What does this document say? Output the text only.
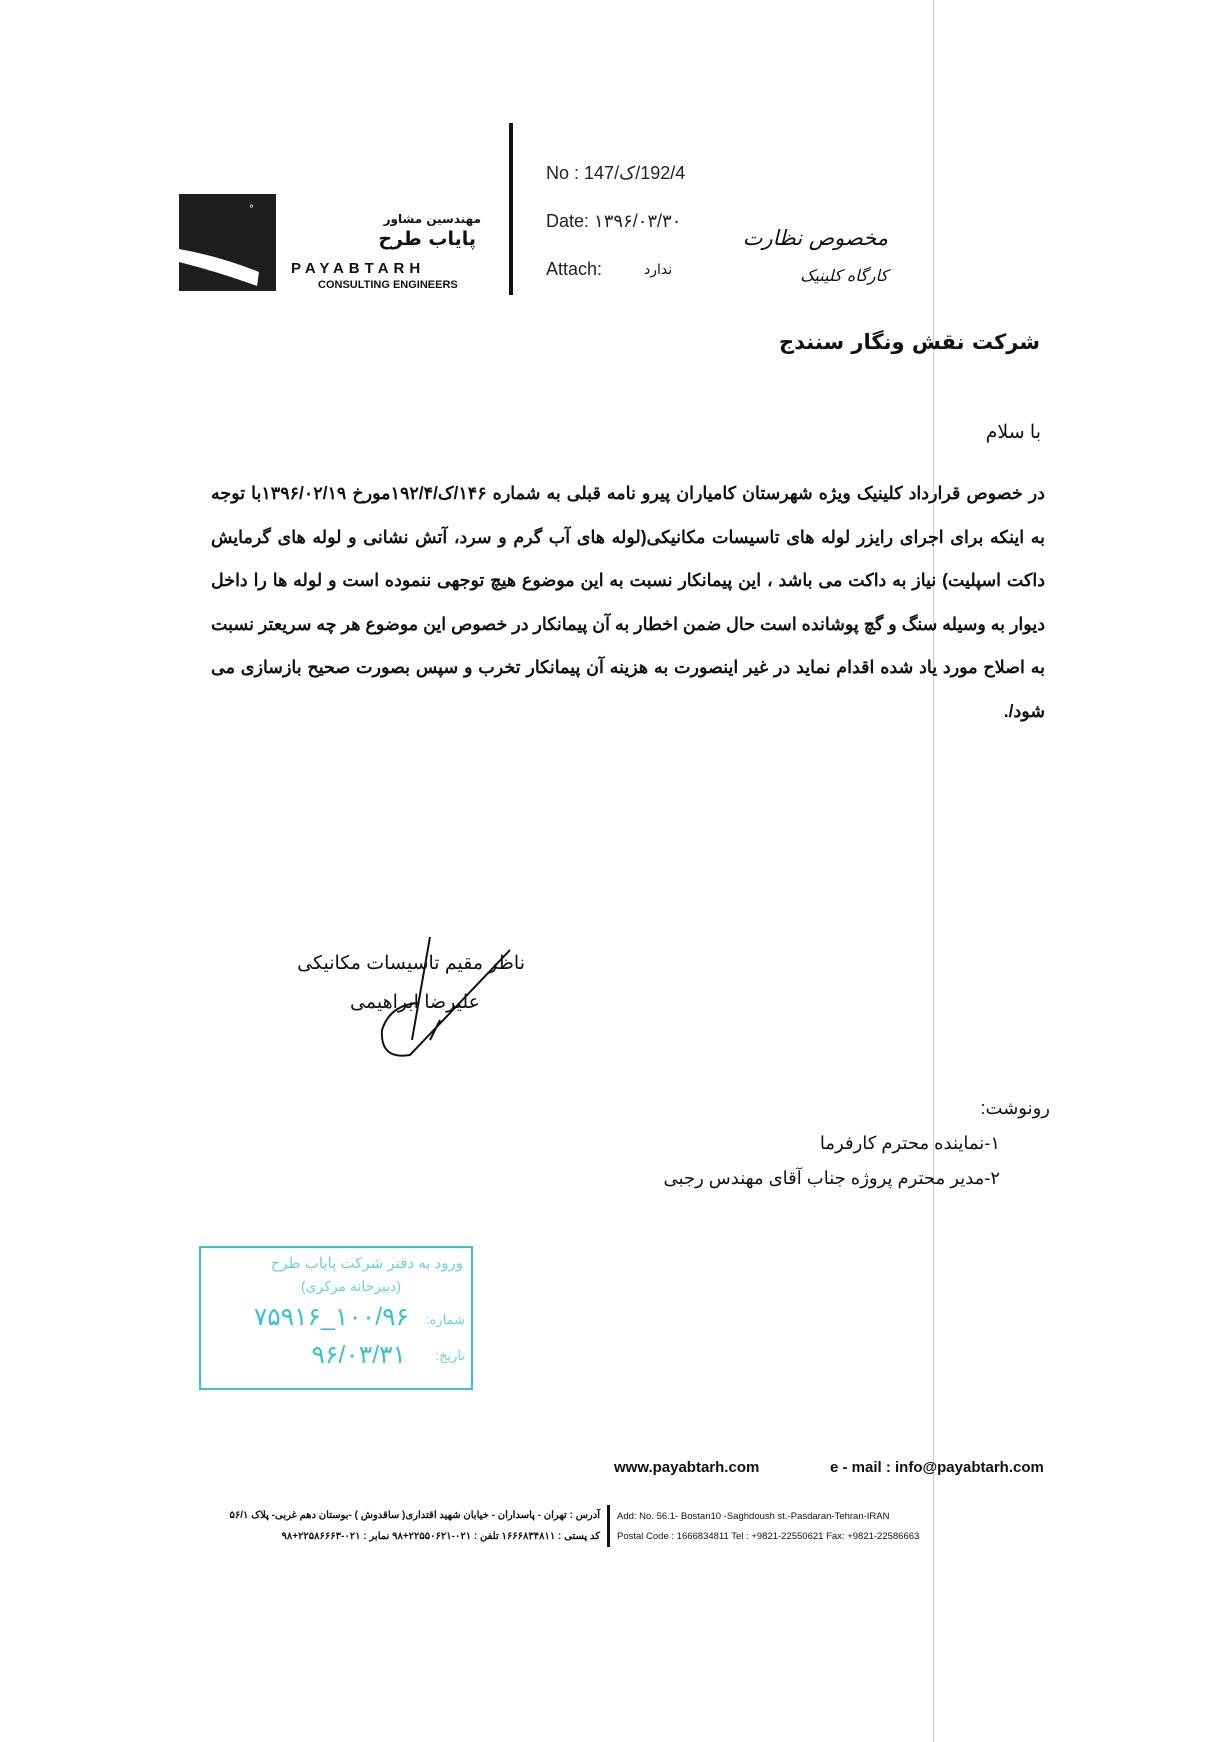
°
مهندسین مشاور
پایاب طرح
PAYABTARH
CONSULTING ENGINEERS
No : 192/4/ک/147
Date: ۱۳۹۶/۰۳/۳۰
Attach:	ندارد
مخصوص نظارت
کارگاه کلینیک
شرکت نقش ونگار سنندج
با سلام
در خصوص قرارداد کلینیک ویژه شهرستان کامیاران پیرو نامه قبلی به شماره ۱۴۶/ک/۱۹۲/۴مورخ ۱۳۹۶/۰۲/۱۹با توجه به اینکه برای اجرای رایزر لوله های تاسیسات مکانیکی(لوله های آب گرم و سرد، آتش نشانی و لوله های گرمایش داکت اسپلیت) نیاز به داکت می باشد ، این پیمانکار نسبت به این موضوع هیچ توجهی ننموده است و لوله ها را داخل دیوار به وسیله سنگ و گچ پوشانده است حال ضمن اخطار به آن پیمانکار در خصوص این موضوع هر چه سریعتر نسبت به اصلاح مورد یاد شده اقدام نماید در غیر اینصورت به هزینه آن پیمانکار تخرب و سپس بصورت صحیح بازسازی می شود/.
ناظر مقیم تاسیسات مکانیکی
علیرضا ابراهیمی
رونوشت:
۱-نماینده محترم کارفرما
۲-مدیر محترم پروژه جناب آقای مهندس رجبی
ورود به دفتر شرکت پایاب طرح
(دبیرخانه مرکزی)
شماره:
۱۰۰/۹۶_۷۵۹۱۶
تاریخ:
۹۶/۰۳/۳۱
www.payabtarh.com	e - mail : info@payabtarh.com
آدرس : تهران - پاسداران - خیابان شهید اقتداری( ساقدوش ) -بوستان دهم غربی- پلاک ۵۶/۱
کد پستی : ۱۶۶۶۸۳۴۸۱۱ تلفن : ۰۲۱-۲۲۵۵۰۶۲۱+۹۸ نمابر : ۰۲۱-۲۲۵۸۶۶۶۳+۹۸
Add: No. 56.1- Bostan10 -Saghdoush st.-Pasdaran-Tehran-IRAN
Postal Code : 1666834811 Tel : +9821-22550621 Fax: +9821-22586663
